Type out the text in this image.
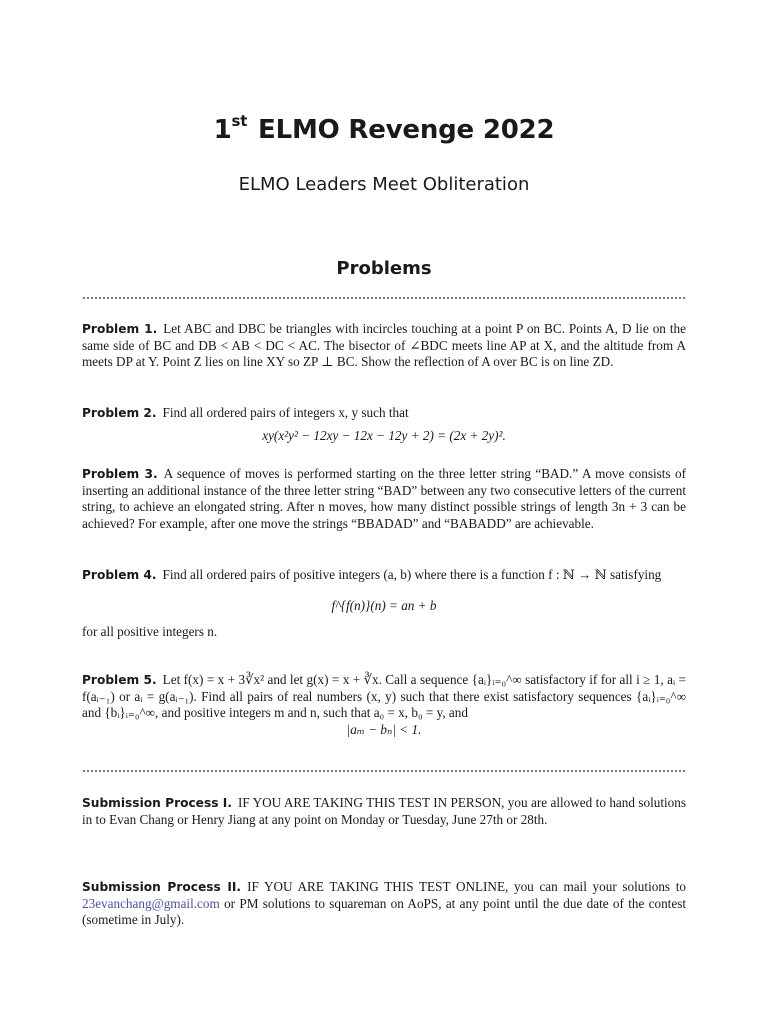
1st ELMO Revenge 2022
ELMO Leaders Meet Obliteration
Problems
Problem 1. Let ABC and DBC be triangles with incircles touching at a point P on BC. Points A, D lie on the same side of BC and DB < AB < DC < AC. The bisector of ∠BDC meets line AP at X, and the altitude from A meets DP at Y. Point Z lies on line XY so ZP ⊥ BC. Show the reflection of A over BC is on line ZD.
Problem 2. Find all ordered pairs of integers x, y such that
xy(x²y² − 12xy − 12x − 12y + 2) = (2x + 2y)².
Problem 3. A sequence of moves is performed starting on the three letter string “BAD.” A move consists of inserting an additional instance of the three letter string “BAD” between any two consecutive letters of the current string, to achieve an elongated string. After n moves, how many distinct possible strings of length 3n + 3 can be achieved? For example, after one move the strings “BBADAD” and “BABADD” are achievable.
Problem 4. Find all ordered pairs of positive integers (a, b) where there is a function f : ℕ → ℕ satisfying
f^{f(n)}(n) = an + b
for all positive integers n.
Problem 5. Let f(x) = x + 3∛x² and let g(x) = x + ∛x. Call a sequence {aᵢ}ᵢ₌₀^∞ satisfactory if for all i ≥ 1, aᵢ = f(aᵢ₋₁) or aᵢ = g(aᵢ₋₁). Find all pairs of real numbers (x, y) such that there exist satisfactory sequences {aᵢ}ᵢ₌₀^∞ and {bᵢ}ᵢ₌₀^∞, and positive integers m and n, such that a₀ = x, b₀ = y, and
|aₘ − bₙ| < 1.
Submission Process I. IF YOU ARE TAKING THIS TEST IN PERSON, you are allowed to hand solutions in to Evan Chang or Henry Jiang at any point on Monday or Tuesday, June 27th or 28th.
Submission Process II. IF YOU ARE TAKING THIS TEST ONLINE, you can mail your solutions to 23evanchang@gmail.com or PM solutions to squareman on AoPS, at any point until the due date of the contest (sometime in July).
